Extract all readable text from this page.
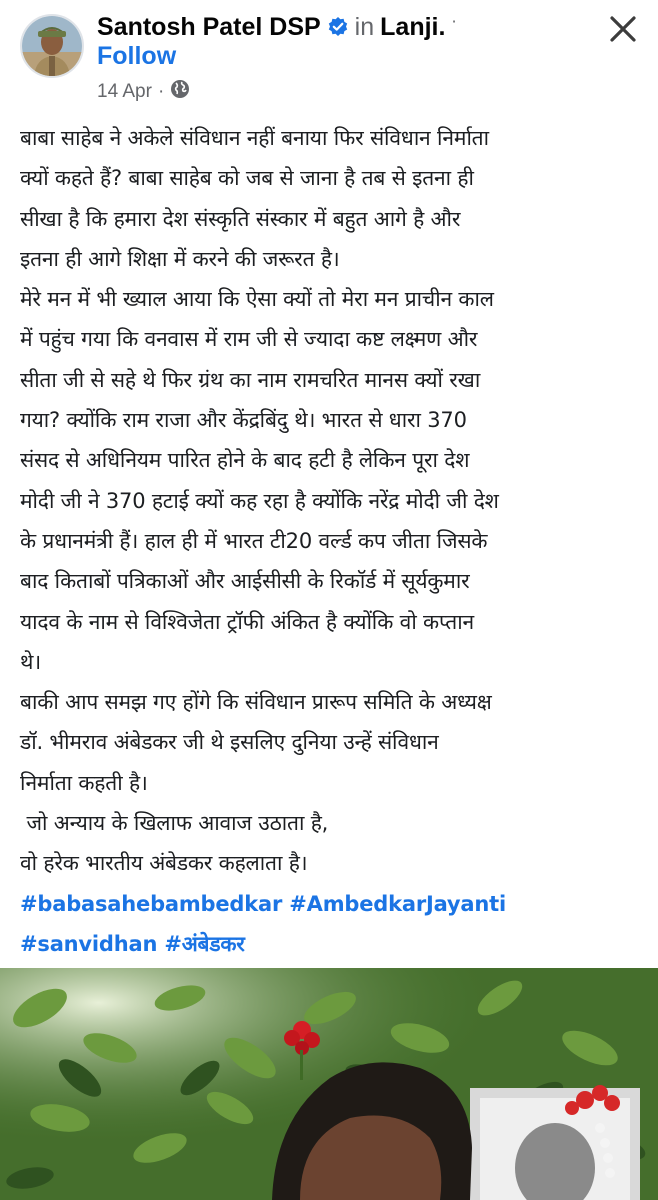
Santosh Patel DSP in Lanji. ·
Follow
14 Apr ·

बाबा साहेब ने अकेले संविधान नहीं बनाया फिर संविधान निर्माता

क्यों कहते हैं? बाबा साहेब को जब से जाना है तब से इतना ही

सीखा है कि हमारा देश संस्कृति संस्कार में बहुत आगे है और

इतना ही आगे शिक्षा में करने की जरूरत है।

मेरे मन में भी ख्याल आया कि ऐसा क्यों तो मेरा मन प्राचीन काल

में पहुंच गया कि वनवास में राम जी से ज्यादा कष्ट लक्ष्मण और

सीता जी से सहे थे फिर ग्रंथ का नाम रामचरित मानस क्यों रखा

गया? क्योंकि राम राजा और केंद्रबिंदु थे। भारत से धारा 370

संसद से अधिनियम पारित होने के बाद हटी है लेकिन पूरा देश

मोदी जी ने 370 हटाई क्यों कह रहा है क्योंकि नरेंद्र मोदी जी देश

के प्रधानमंत्री हैं। हाल ही में भारत टी20 वर्ल्ड कप जीता जिसके

बाद किताबों पत्रिकाओं और आईसीसी के रिकॉर्ड में सूर्यकुमार

यादव के नाम से विश्विजेता ट्रॉफी अंकित है क्योंकि वो कप्तान

थे।

बाकी आप समझ गए होंगे कि संविधान प्रारूप समिति के अध्यक्ष

डॉ. भीमराव अंबेडकर जी थे इसलिए दुनिया उन्हें संविधान

निर्माता कहती है।

जो अन्याय के खिलाफ आवाज उठाता है,

वो हरेक भारतीय अंबेडकर कहलाता है।

#babasahebambedkar #AmbedkarJayanti

#sanvidhan #अंबेडकर
